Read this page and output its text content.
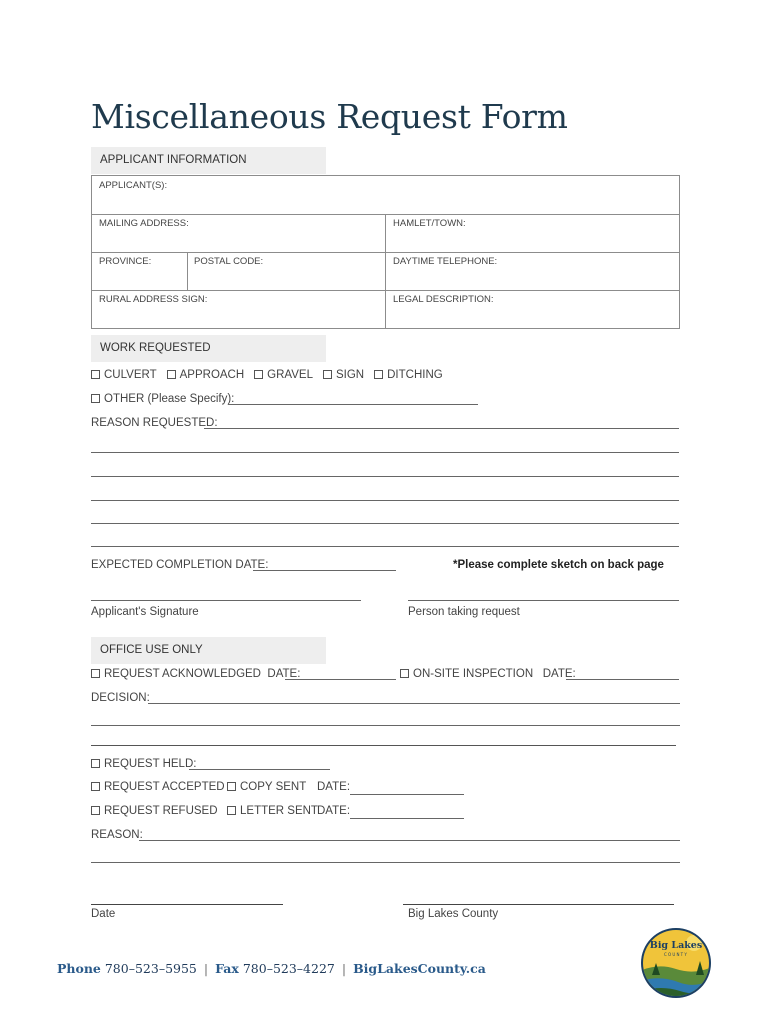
Miscellaneous Request Form
APPLICANT INFORMATION
APPLICANT(S):
MAILING ADDRESS:	HAMLET/TOWN:
PROVINCE:	POSTAL CODE:	DAYTIME TELEPHONE:
RURAL ADDRESS SIGN:	LEGAL DESCRIPTION:
WORK REQUESTED
CULVERT APPROACH GRAVEL SIGN DITCHING
OTHER (Please Specify):
REASON REQUESTED:
EXPECTED COMPLETION DATE:	*Please complete sketch on back page
Applicant's Signature	Person taking request
OFFICE USE ONLY
REQUEST ACKNOWLEDGED DATE:	ON-SITE INSPECTION DATE:
DECISION:
REQUEST HELD:
REQUEST ACCEPTED	COPY SENT DATE:
REQUEST REFUSED	LETTER SENT DATE:
REASON:
Date	Big Lakes County
Phone 780–523–5955 | Fax 780–523–4227 | BigLakesCounty.ca
Big Lakes
COUNTY
